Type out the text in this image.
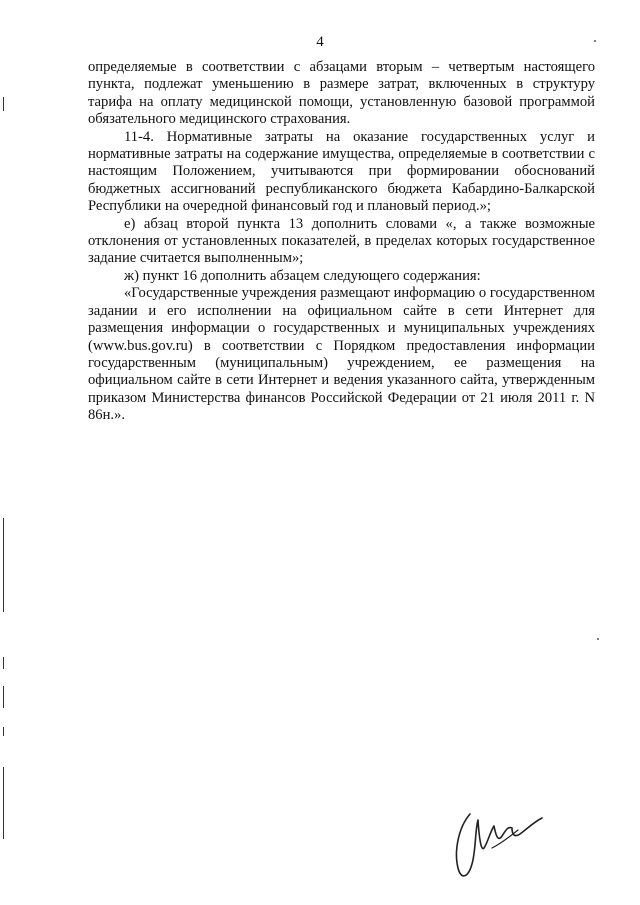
4

определяемые в соответствии с абзацами вторым – четвертым настоящего пункта, подлежат уменьшению в размере затрат, включенных в структуру тарифа на оплату медицинской помощи, установленную базовой программой обязательного медицинского страхования.

11-4. Нормативные затраты на оказание государственных услуг и нормативные затраты на содержание имущества, определяемые в соответствии с настоящим Положением, учитываются при формировании обоснований бюджетных ассигнований республиканского бюджета Кабардино-Балкарской Республики на очередной финансовый год и плановый период.»;

е) абзац второй пункта 13 дополнить словами «, а также возможные отклонения от установленных показателей, в пределах которых государственное задание считается выполненным»;

ж) пункт 16 дополнить абзацем следующего содержания:

«Государственные учреждения размещают информацию о государственном задании и его исполнении на официальном сайте в сети Интернет для размещения информации о государственных и муниципальных учреждениях (www.bus.gov.ru) в соответствии с Порядком предоставления информации государственным (муниципальным) учреждением, ее размещения на официальном сайте в сети Интернет и ведения указанного сайта, утвержденным приказом Министерства финансов Российской Федерации от 21 июля 2011 г. N 86н.».
